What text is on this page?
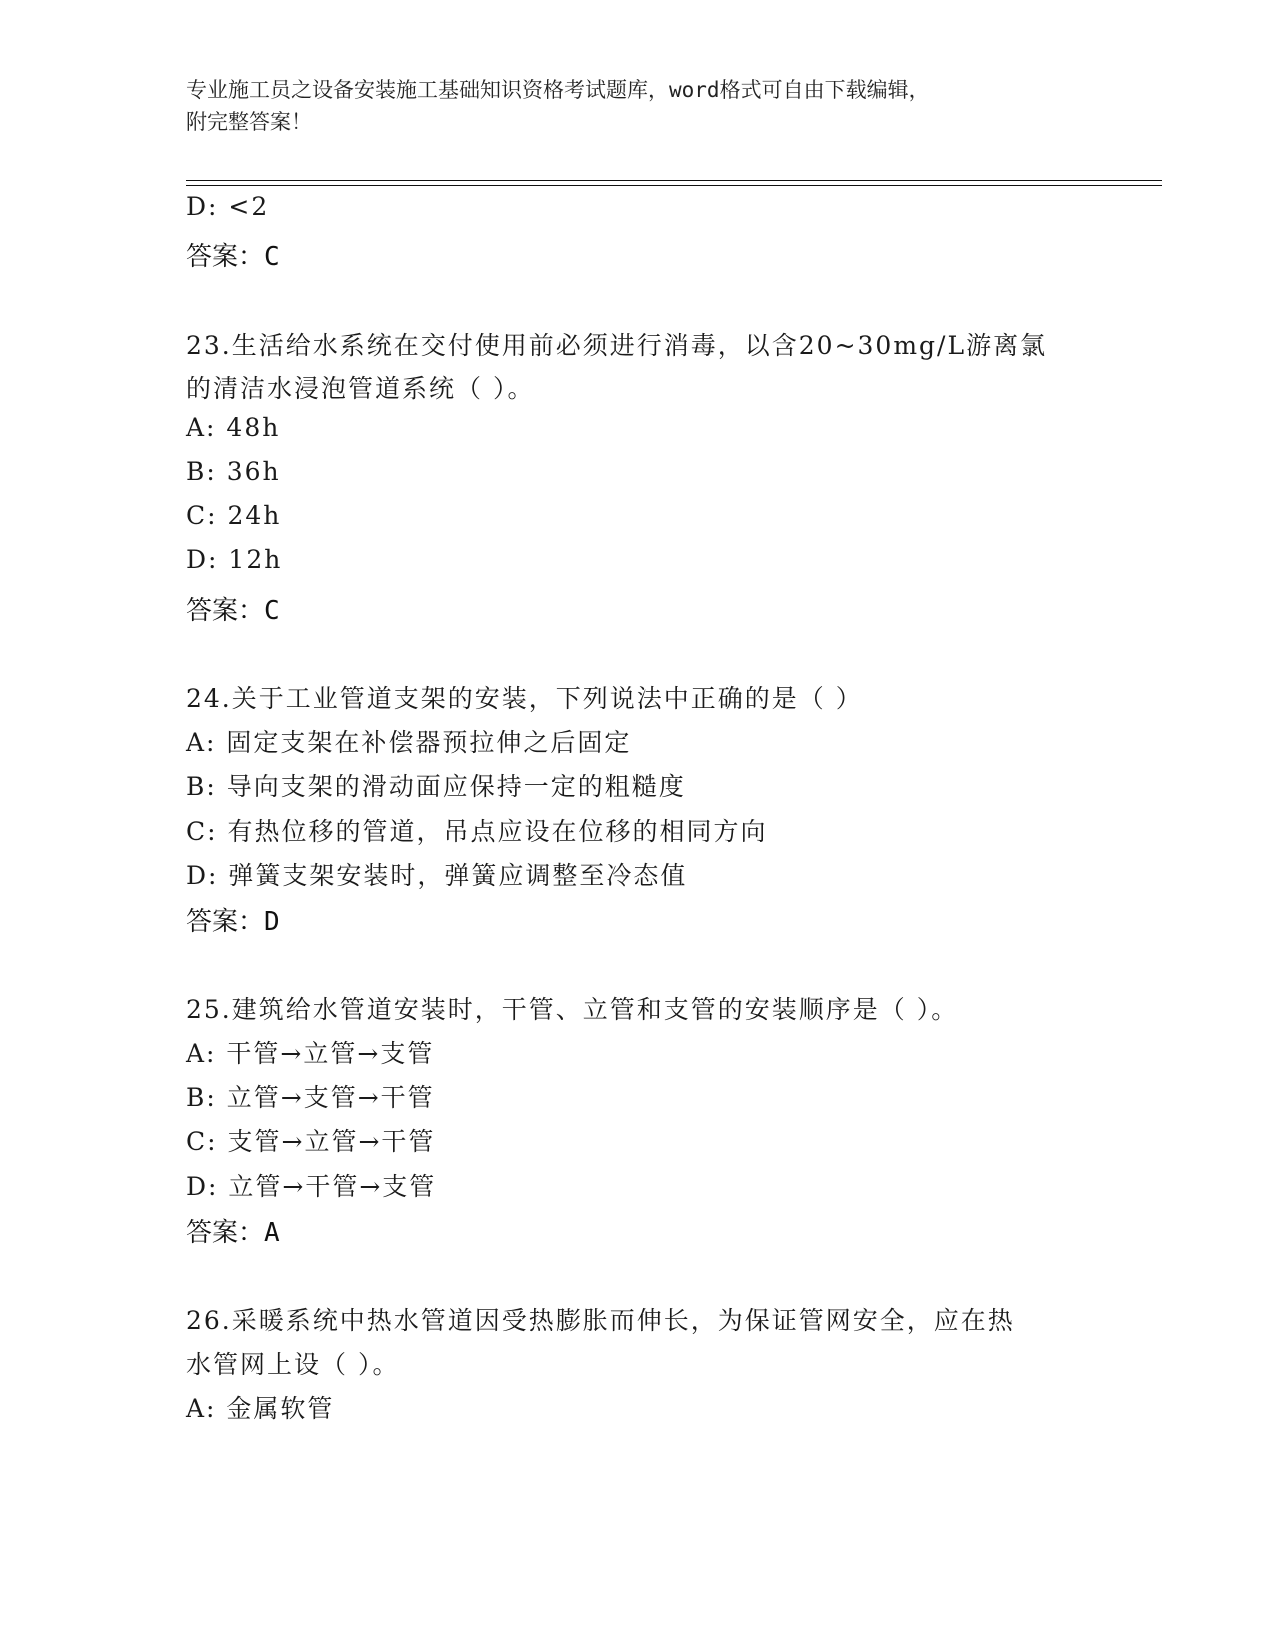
专业施工员之设备安装施工基础知识资格考试题库，word格式可自由下载编辑，
附完整答案！
D: <2
答案：C
23.生活给水系统在交付使用前必须进行消毒，以含20~30mg/L游离氯
的清洁水浸泡管道系统（ ）。
A: 48h
B: 36h
C: 24h
D: 12h
答案：C
24.关于工业管道支架的安装，下列说法中正确的是（ ）
A: 固定支架在补偿器预拉伸之后固定
B: 导向支架的滑动面应保持一定的粗糙度
C: 有热位移的管道，吊点应设在位移的相同方向
D: 弹簧支架安装时，弹簧应调整至冷态值
答案：D
25.建筑给水管道安装时，干管、立管和支管的安装顺序是（ ）。
A: 干管→立管→支管
B: 立管→支管→干管
C: 支管→立管→干管
D: 立管→干管→支管
答案：A
26.采暖系统中热水管道因受热膨胀而伸长，为保证管网安全，应在热
水管网上设（ ）。
A: 金属软管
